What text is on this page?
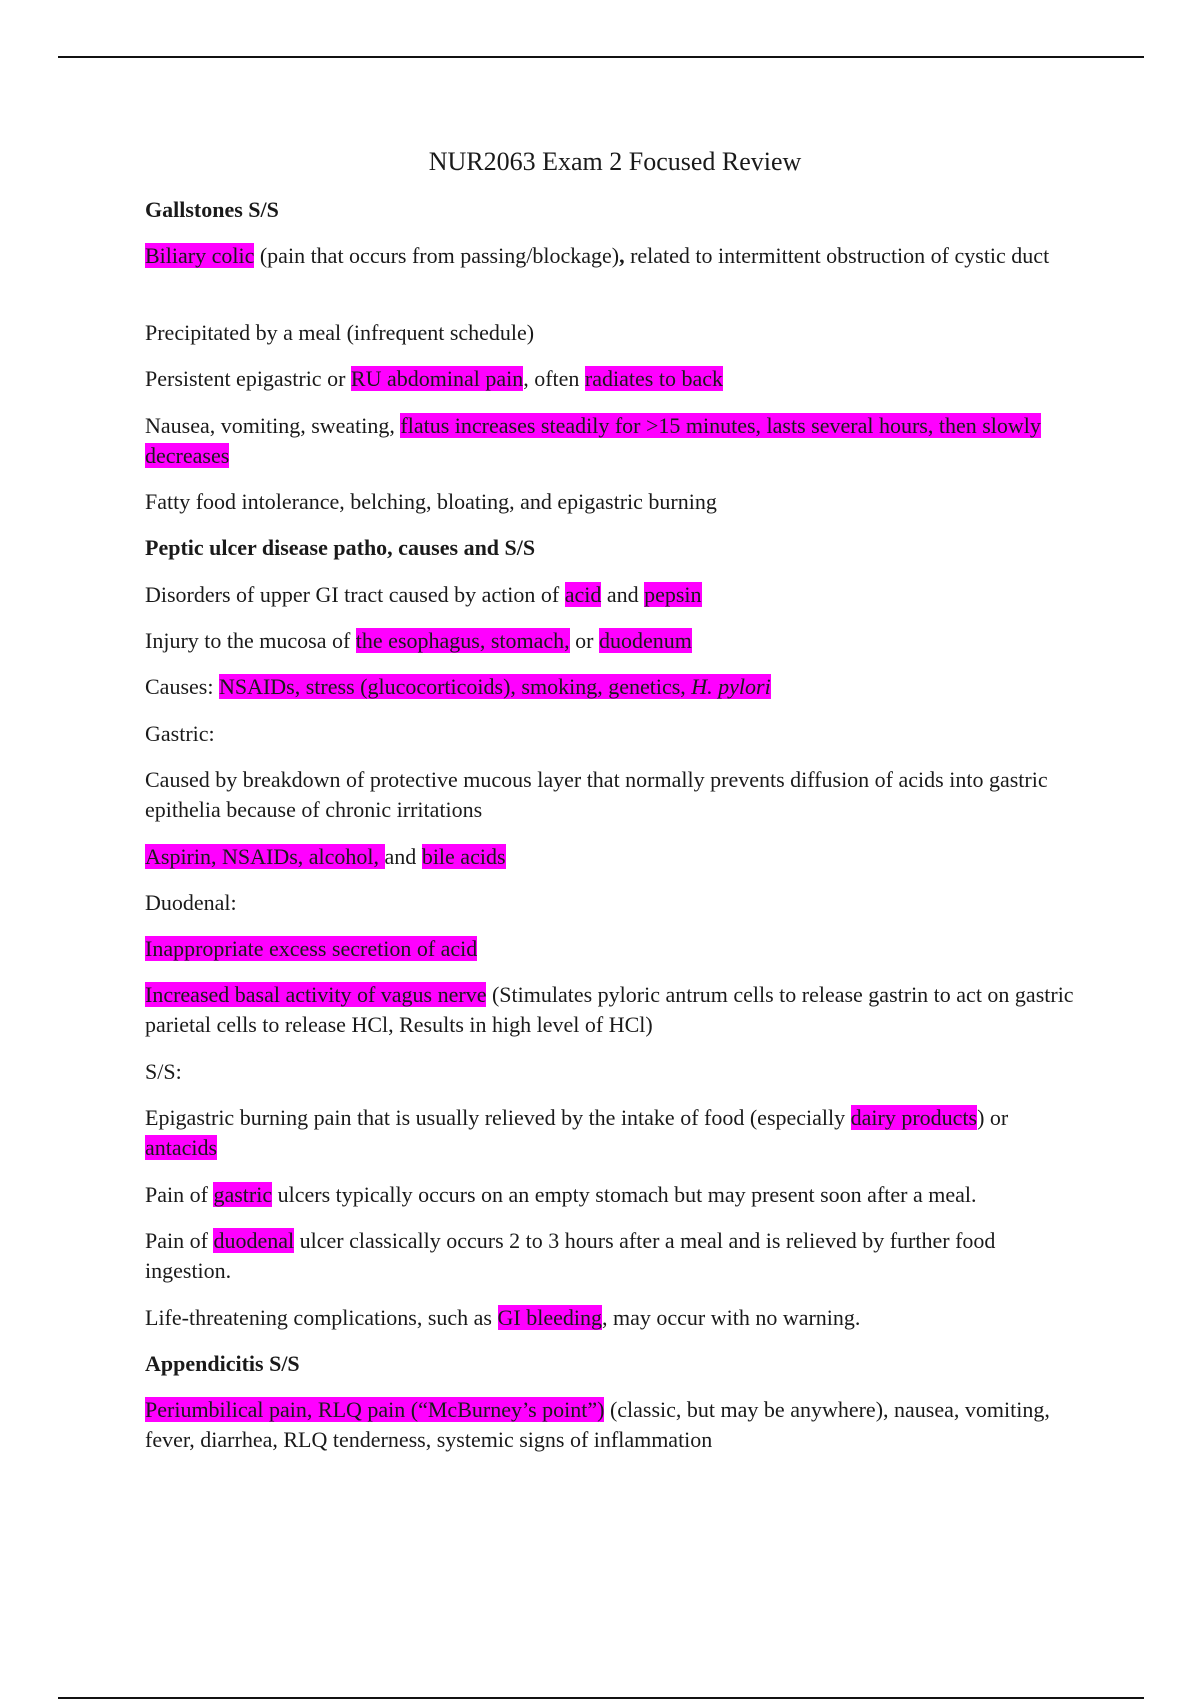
NUR2063 Exam 2 Focused Review

Gallstones S/S

Biliary colic (pain that occurs from passing/blockage), related to intermittent obstruction of cystic duct

Precipitated by a meal (infrequent schedule)

Persistent epigastric or RU abdominal pain, often radiates to back

Nausea, vomiting, sweating, flatus increases steadily for >15 minutes, lasts several hours, then slowly decreases

Fatty food intolerance, belching, bloating, and epigastric burning

Peptic ulcer disease patho, causes and S/S

Disorders of upper GI tract caused by action of acid and pepsin

Injury to the mucosa of the esophagus, stomach, or duodenum

Causes: NSAIDs, stress (glucocorticoids), smoking, genetics, H. pylori

Gastric:

Caused by breakdown of protective mucous layer that normally prevents diffusion of acids into gastric epithelia because of chronic irritations

Aspirin, NSAIDs, alcohol, and bile acids

Duodenal:

Inappropriate excess secretion of acid

Increased basal activity of vagus nerve (Stimulates pyloric antrum cells to release gastrin to act on gastric parietal cells to release HCl, Results in high level of HCl)

S/S:

Epigastric burning pain that is usually relieved by the intake of food (especially dairy products) or antacids

Pain of gastric ulcers typically occurs on an empty stomach but may present soon after a meal.

Pain of duodenal ulcer classically occurs 2 to 3 hours after a meal and is relieved by further food ingestion.

Life-threatening complications, such as GI bleeding, may occur with no warning.

Appendicitis S/S

Periumbilical pain, RLQ pain (“McBurney’s point”) (classic, but may be anywhere), nausea, vomiting, fever, diarrhea, RLQ tenderness, systemic signs of inflammation
